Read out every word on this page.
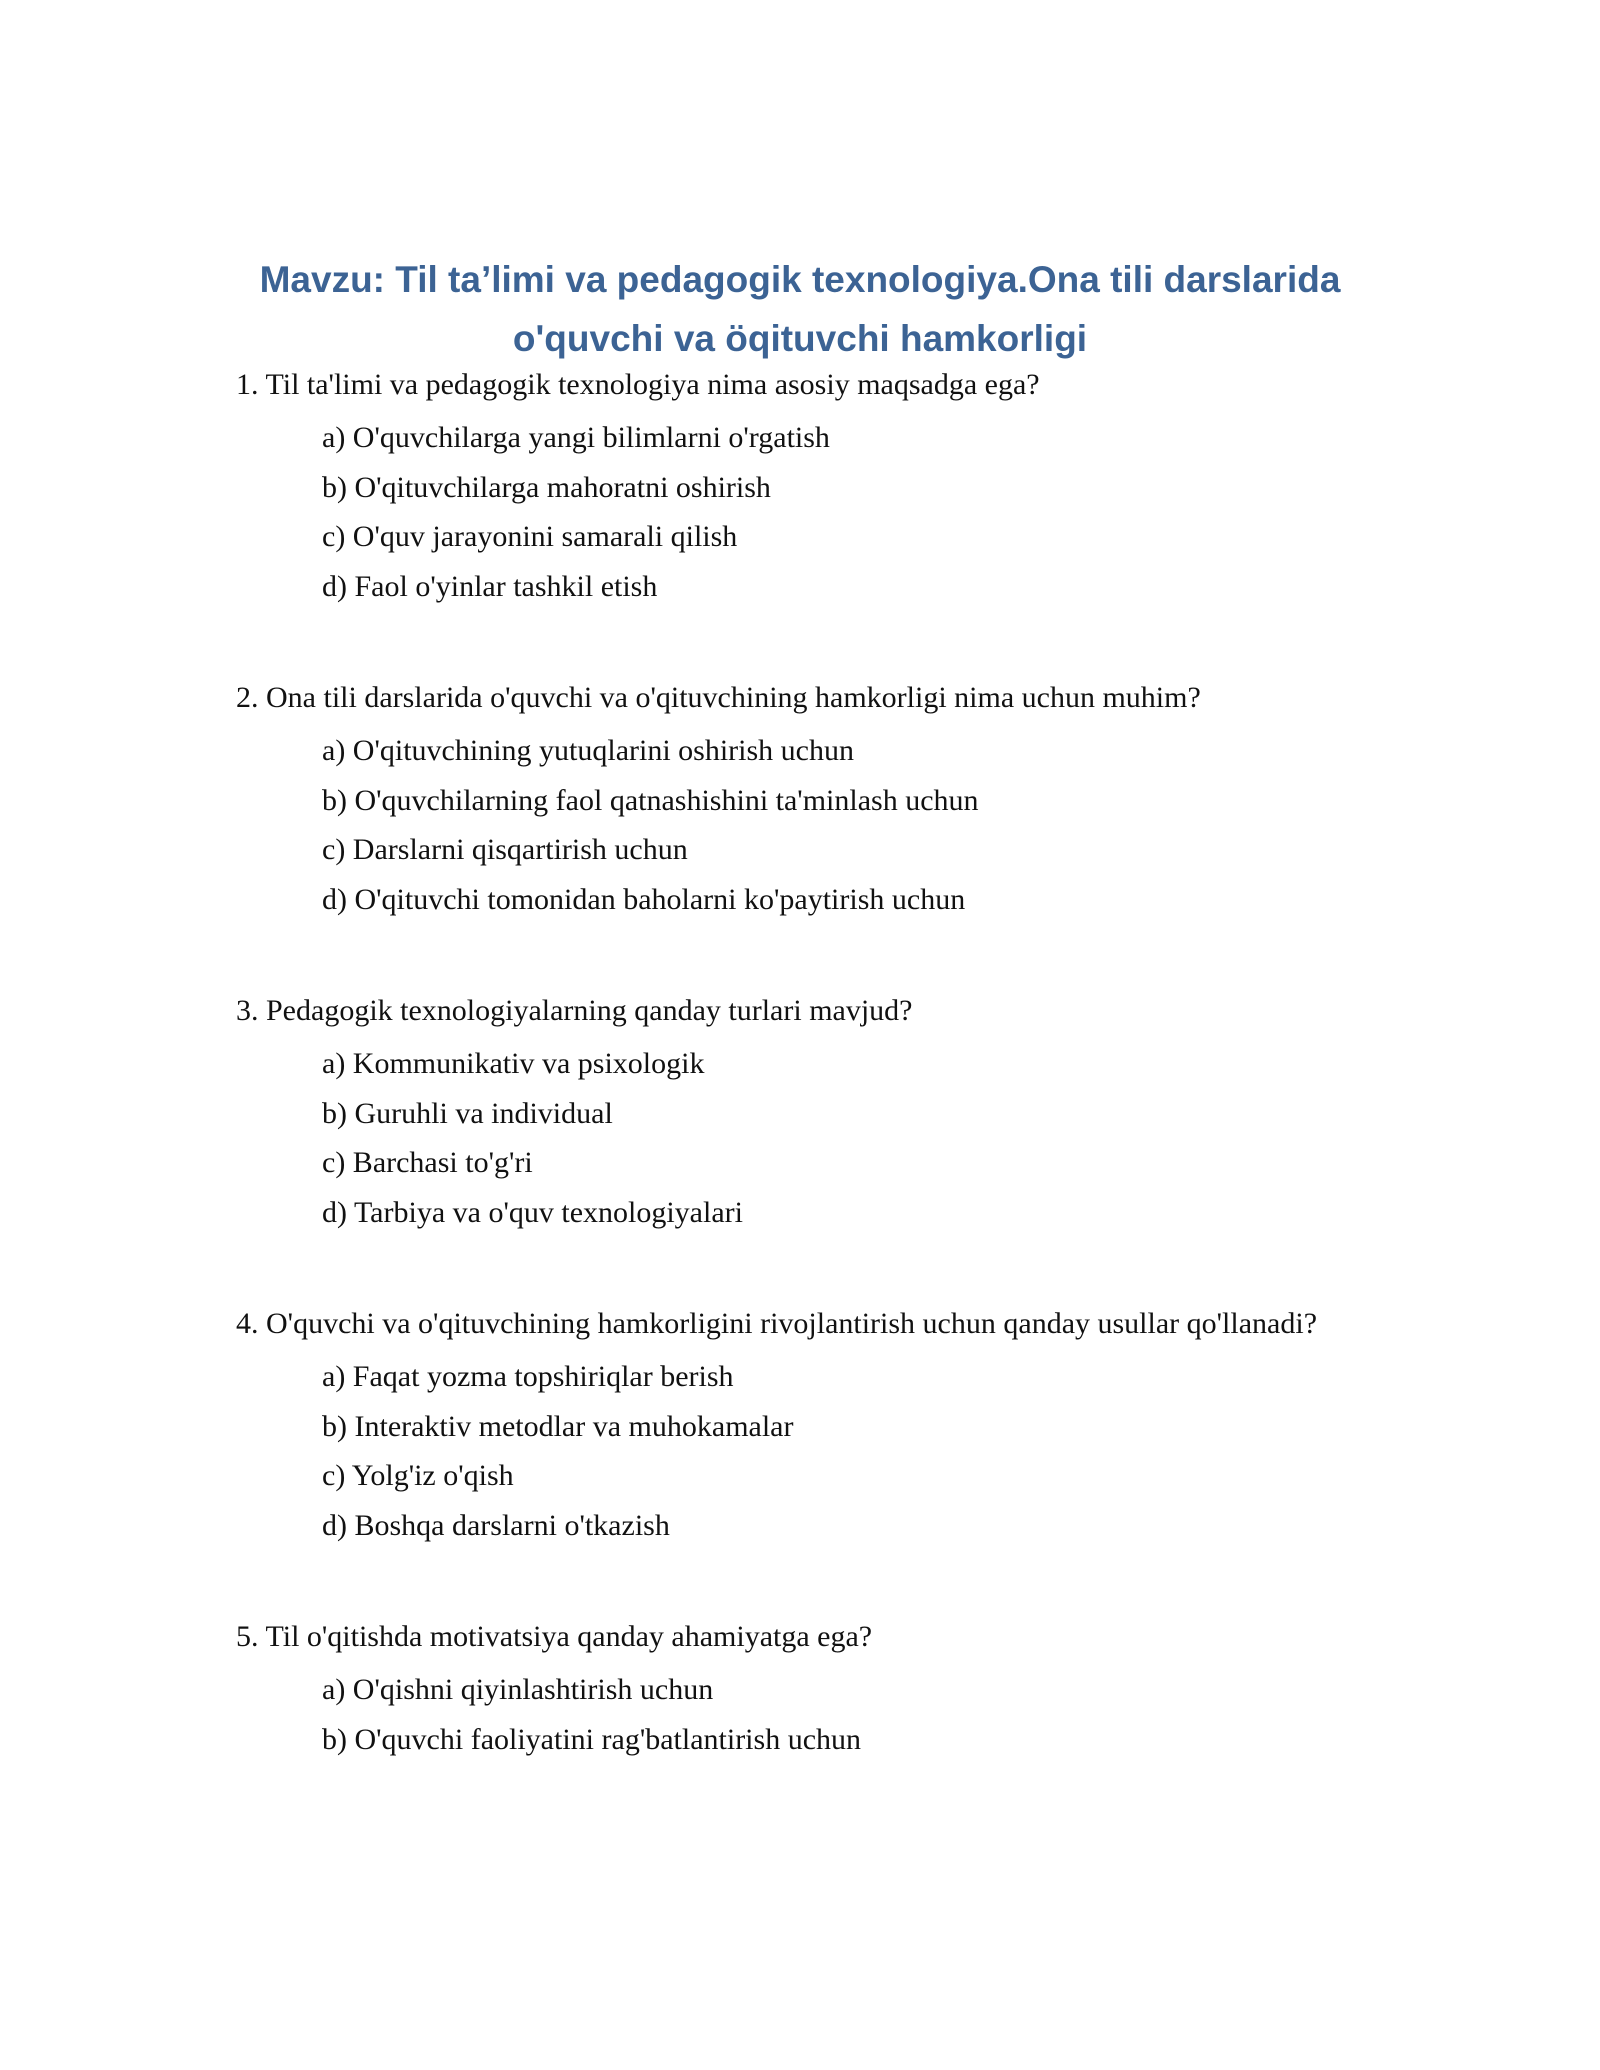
Mavzu: Til ta’limi va pedagogik texnologiya.Ona tili darslarida
o'quvchi va öqituvchi hamkorligi

1. Til ta'limi va pedagogik texnologiya nima asosiy maqsadga ega?

a) O'quvchilarga yangi bilimlarni o'rgatish
b) O'qituvchilarga mahoratni oshirish
c) O'quv jarayonini samarali qilish
d) Faol o'yinlar tashkil etish

2. Ona tili darslarida o'quvchi va o'qituvchining hamkorligi nima uchun muhim?

a) O'qituvchining yutuqlarini oshirish uchun
b) O'quvchilarning faol qatnashishini ta'minlash uchun
c) Darslarni qisqartirish uchun
d) O'qituvchi tomonidan baholarni ko'paytirish uchun

3. Pedagogik texnologiyalarning qanday turlari mavjud?

a) Kommunikativ va psixologik
b) Guruhli va individual
c) Barchasi to'g'ri
d) Tarbiya va o'quv texnologiyalari

4. O'quvchi va o'qituvchining hamkorligini rivojlantirish uchun qanday usullar qo'llanadi?

a) Faqat yozma topshiriqlar berish
b) Interaktiv metodlar va muhokamalar
c) Yolg'iz o'qish
d) Boshqa darslarni o'tkazish

5. Til o'qitishda motivatsiya qanday ahamiyatga ega?

a) O'qishni qiyinlashtirish uchun
b) O'quvchi faoliyatini rag'batlantirish uchun
